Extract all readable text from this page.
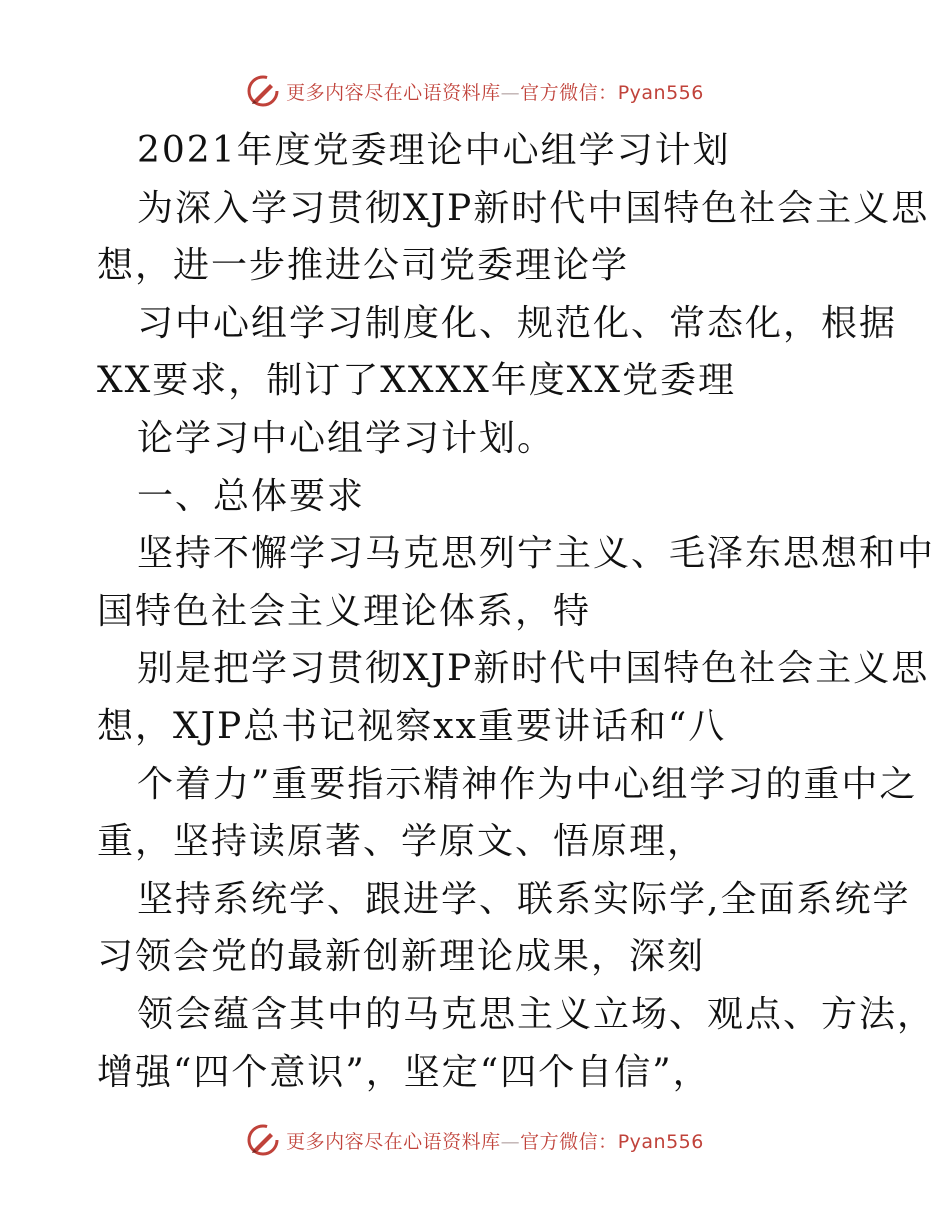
更多内容尽在心语资料库—官方微信：Pyan556
2021年度党委理论中心组学习计划
为深入学习贯彻XJP新时代中国特色社会主义思
想，进一步推进公司党委理论学
习中心组学习制度化、规范化、常态化，根据
XX要求，制订了XXXX年度XX党委理
论学习中心组学习计划。
一、总体要求
坚持不懈学习马克思列宁主义、毛泽东思想和中
国特色社会主义理论体系，特
别是把学习贯彻XJP新时代中国特色社会主义思
想，XJP总书记视察xx重要讲话和“八
个着力”重要指示精神作为中心组学习的重中之
重，坚持读原著、学原文、悟原理，
坚持系统学、跟进学、联系实际学,全面系统学
习领会党的最新创新理论成果，深刻
领会蕴含其中的马克思主义立场、观点、方法，
增强“四个意识”，坚定“四个自信”，
更多内容尽在心语资料库—官方微信：Pyan556
